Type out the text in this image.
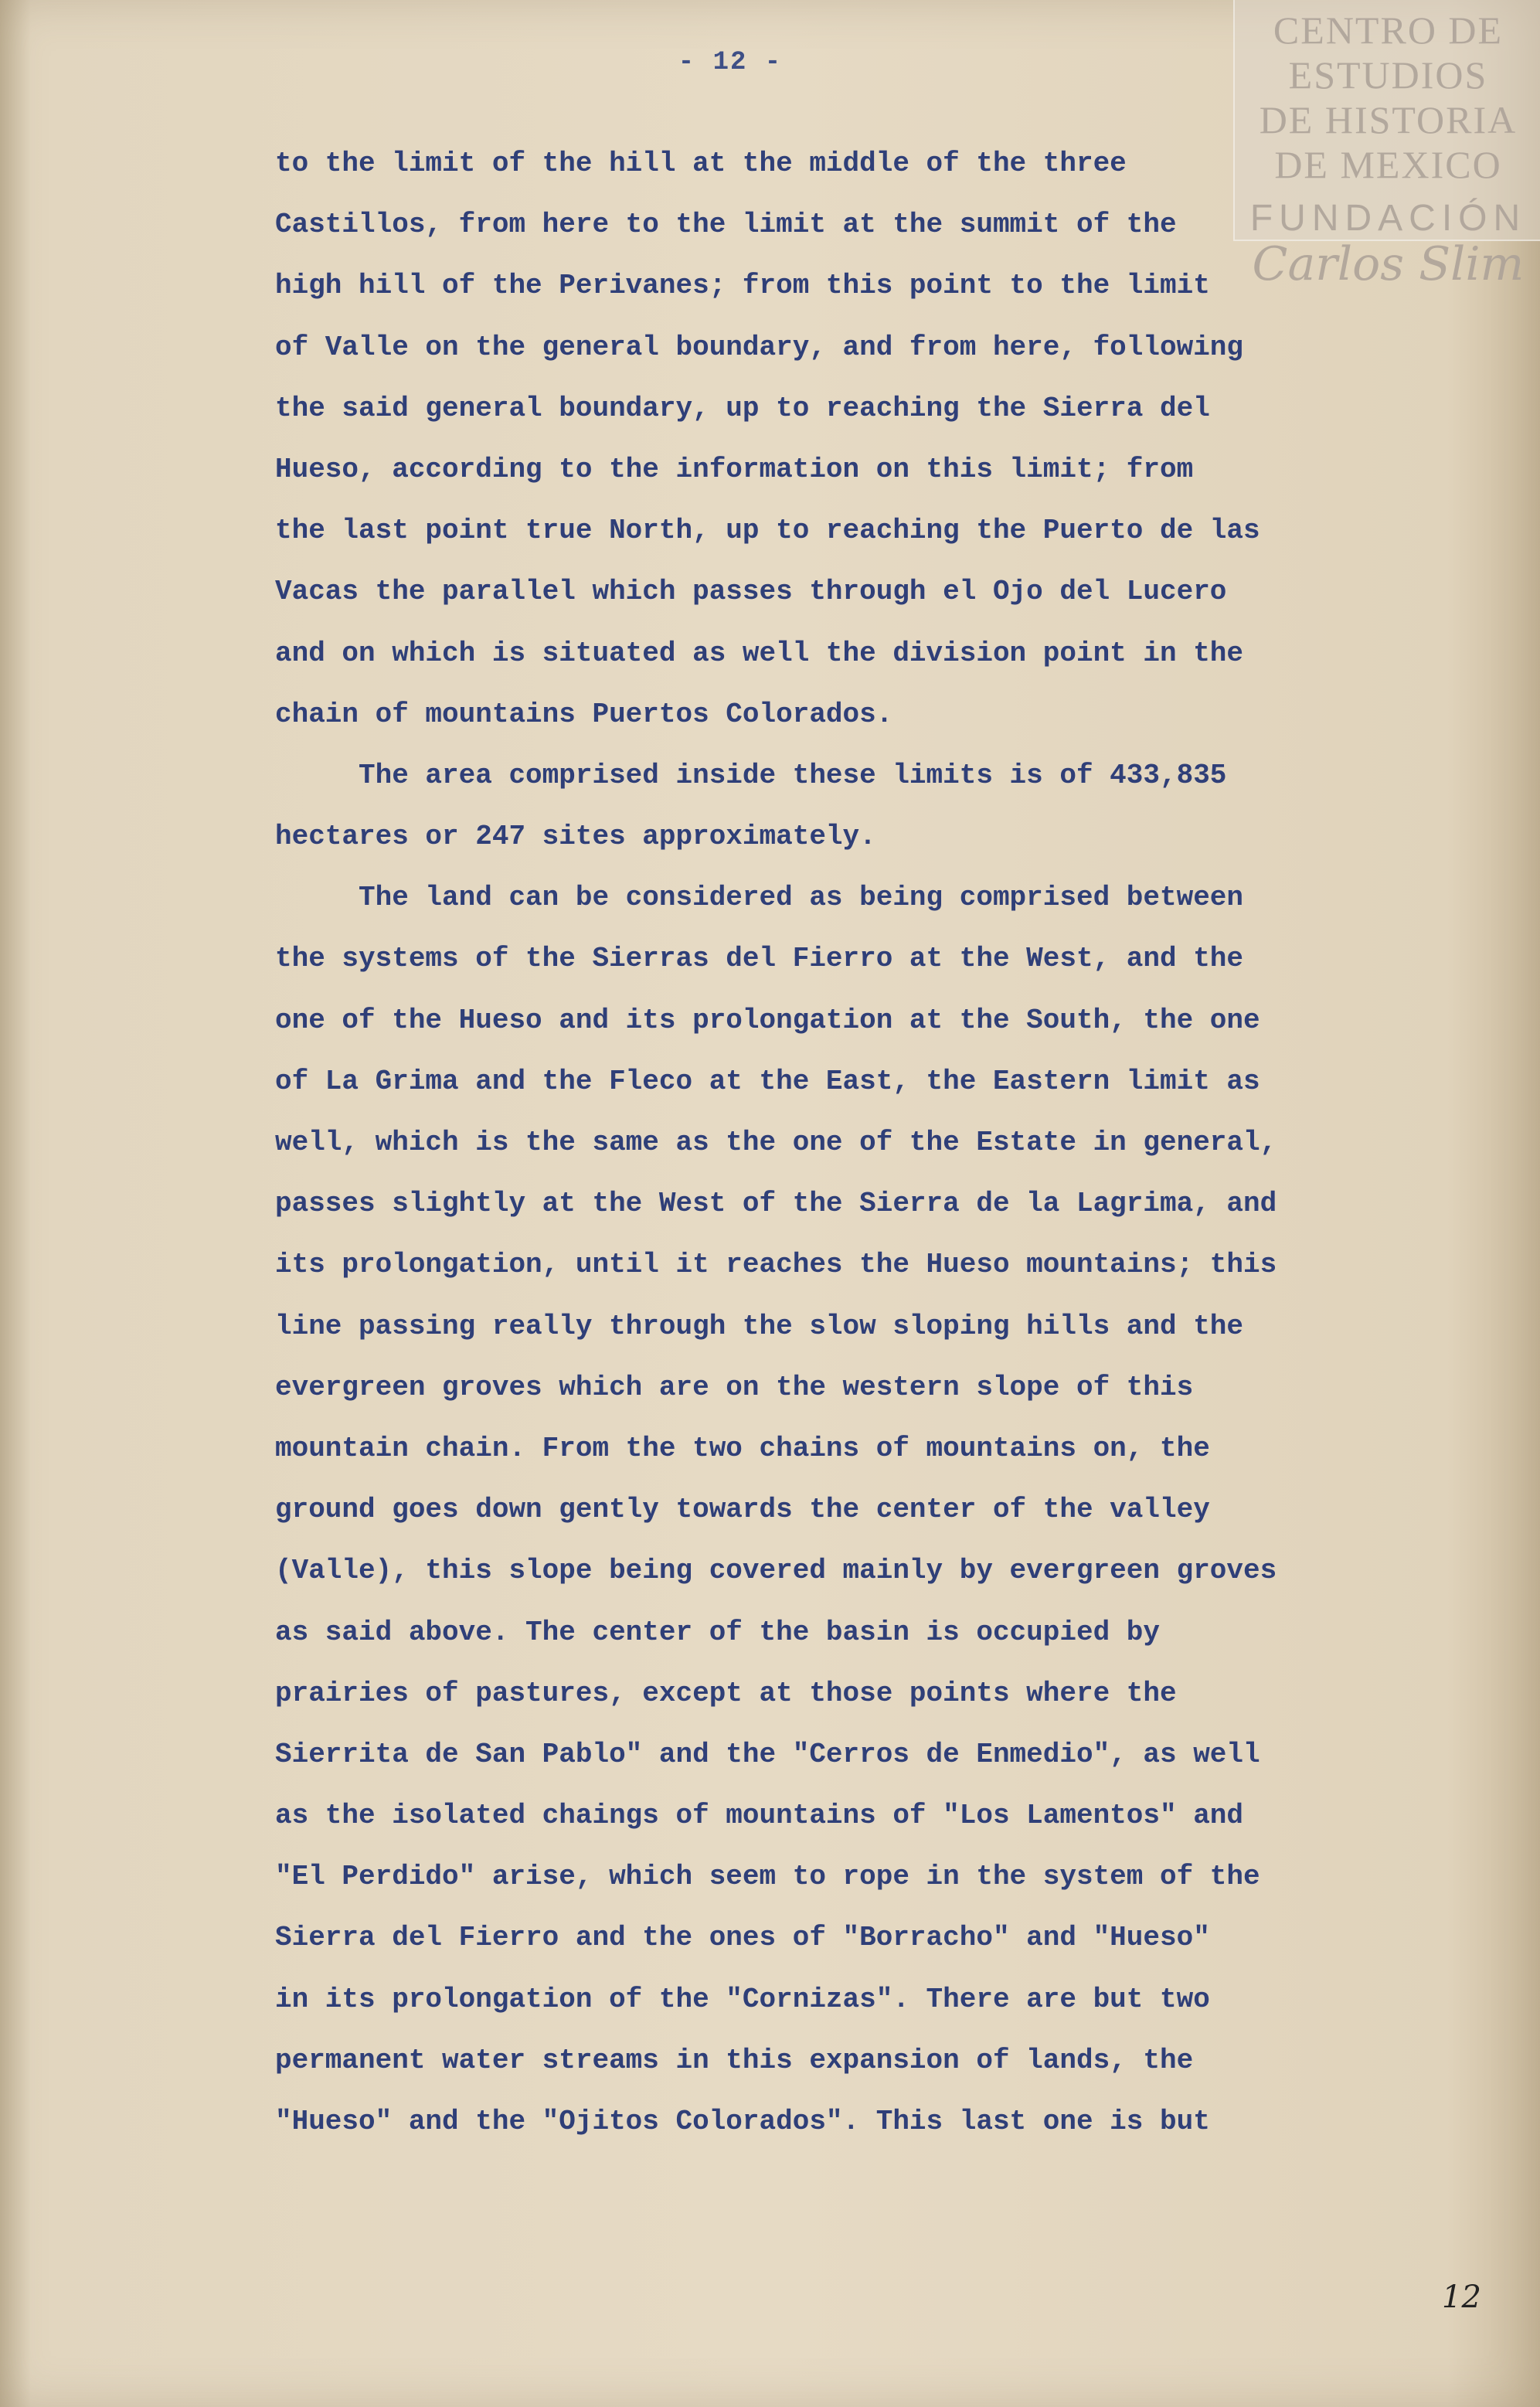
- 12 -
CENTRO DE
ESTUDIOS
DE HISTORIA
DE MEXICO
FUNDACIÓN
Carlos Slim
to the limit of the hill at the middle of the three
Castillos, from here to the limit at the summit of the
high hill of the Perivanes; from this point to the limit
of Valle on the general boundary, and from here, following
the said general boundary, up to reaching the Sierra del
Hueso, according to the information on this limit; from
the last point true North, up to reaching the Puerto de las
Vacas the parallel which passes through el Ojo del Lucero
and on which is situated as well the division point in the
chain of mountains Puertos Colorados.
The area comprised inside these limits is of 433,835
hectares or 247 sites approximately.
The land can be considered as being comprised between
the systems of the Sierras del Fierro at the West, and the
one of the Hueso and its prolongation at the South, the one
of La Grima and the Fleco at the East, the Eastern limit as
well, which is the same as the one of the Estate in general,
passes slightly at the West of the Sierra de la Lagrima, and
its prolongation, until it reaches the Hueso mountains; this
line passing really through the slow sloping hills and the
evergreen groves which are on the western slope of this
mountain chain. From the two chains of mountains on, the
ground goes down gently towards the center of the valley
(Valle), this slope being covered mainly by evergreen groves
as said above. The center of the basin is occupied by
prairies of pastures, except at those points where the
Sierrita de San Pablo" and the "Cerros de Enmedio", as well
as the isolated chaings of mountains of "Los Lamentos" and
"El Perdido" arise, which seem to rope in the system of the
Sierra del Fierro and the ones of "Borracho" and "Hueso"
in its prolongation of the "Cornizas". There are but two
permanent water streams in this expansion of lands, the
"Hueso" and the "Ojitos Colorados". This last one is but
12
